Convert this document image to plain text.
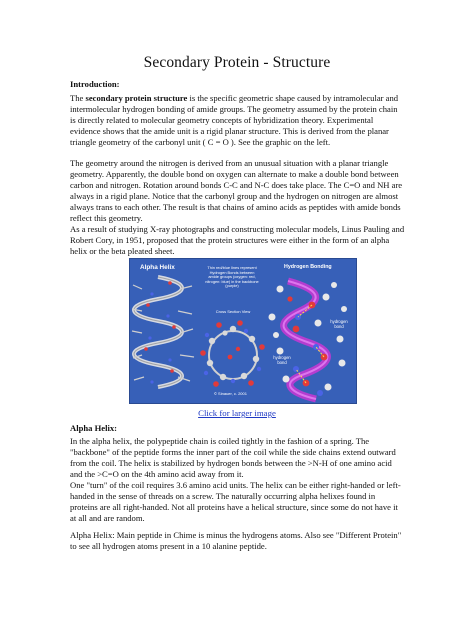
Secondary Protein - Structure
Introduction:

The secondary protein structure is the specific geometric shape caused by intramolecular and intermolecular hydrogen bonding of amide groups. The geometry assumed by the protein chain is directly related to molecular geometry concepts of hybridization theory. Experimental evidence shows that the amide unit is a rigid planar structure. This is derived from the planar triangle geometry of the carbonyl unit ( C = O ). See the graphic on the left.

The geometry around the nitrogen is derived from an unusual situation with a planar triangle geometry. Apparently, the double bond on oxygen can alternate to make a double bond between carbon and nitrogen. Rotation around bonds C-C and N-C does take place. The C=O and NH are always in a rigid plane. Notice that the carbonyl group and the hydrogen on nitrogen are almost always trans to each other. The result is that chains of amino acids as peptides with amide bonds reflect this geometry.

As a result of studying X-ray photographs and constructing molecular models, Linus Pauling and Robert Cory, in 1951, proposed that the protein structures were either in the form of an alpha helix or the beta pleated sheet.

Alpha Helix	Hydrogen Bonding
Thin red/blue lines represent Hydrogen Bonds between amide groups (oxygen: red, nitrogen: blue) in the backbone (purple)
Cross Section View
hydrogen bond
hydrogen bond
© Sinauer, c. 2001
Click for larger image
Alpha Helix:

In the alpha helix, the polypeptide chain is coiled tightly in the fashion of a spring. The "backbone" of the peptide forms the inner part of the coil while the side chains extend outward from the coil. The helix is stabilized by hydrogen bonds between the >N-H of one amino acid and the >C=O on the 4th amino acid away from it.

One "turn" of the coil requires 3.6 amino acid units. The helix can be either right-handed or left-handed in the sense of threads on a screw. The naturally occurring alpha helixes found in proteins are all right-handed. Not all proteins have a helical structure, since some do not have it at all and are random.

Alpha Helix: Main peptide in Chime is minus the hydrogens atoms. Also see "Different Protein" to see all hydrogen atoms present in a 10 alanine peptide.
